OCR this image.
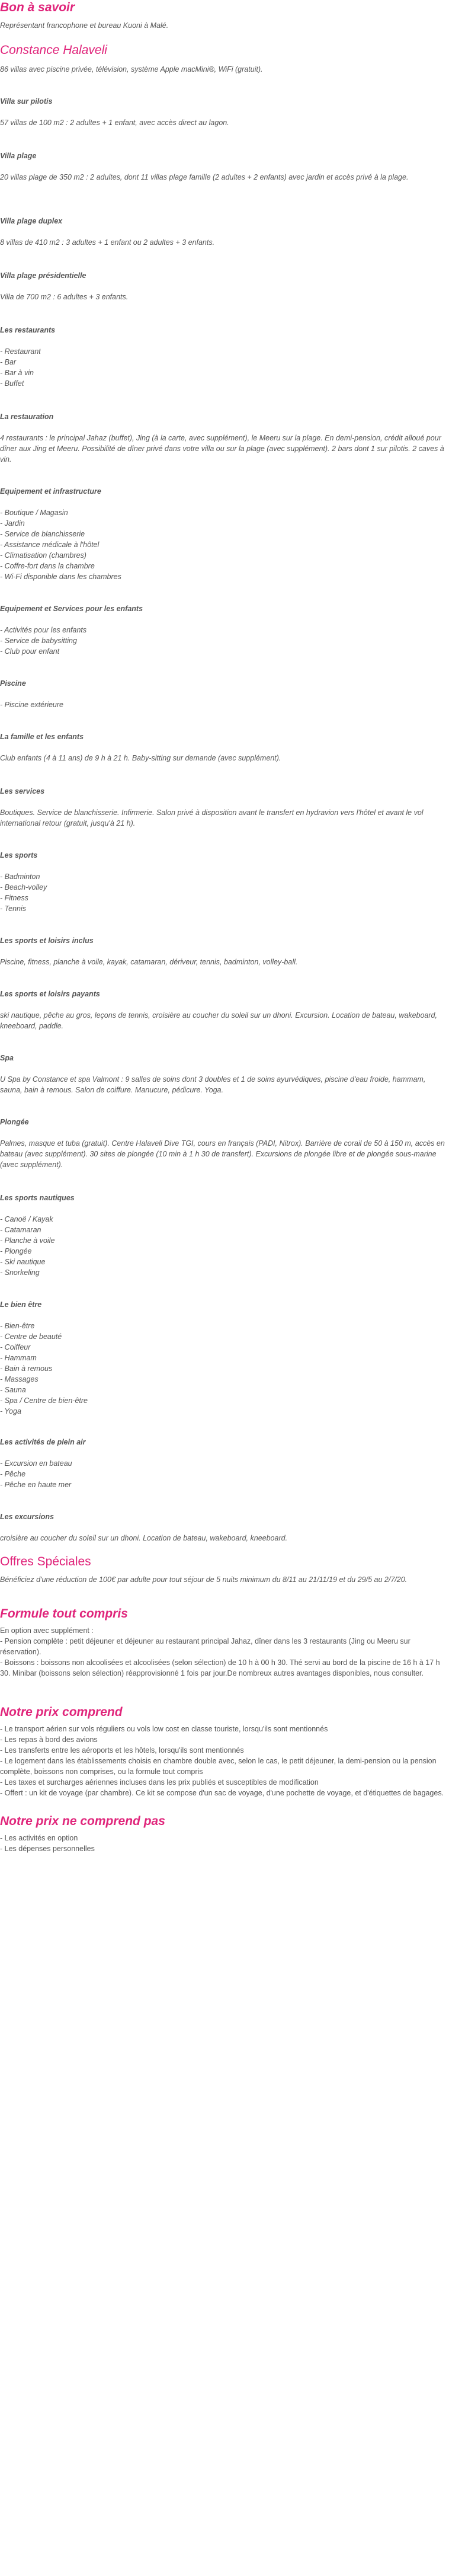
Bon à savoir

Représentant francophone et bureau Kuoni à Malé.

Constance Halaveli

86 villas avec piscine privée, télévision, système Apple macMini®, WiFi (gratuit).

Villa sur pilotis

57 villas de 100 m2 : 2 adultes + 1 enfant, avec accès direct au lagon.

Villa plage

20 villas plage de 350 m2 : 2 adultes, dont 11 villas plage famille (2 adultes + 2 enfants) avec jardin et accès privé à la plage.

Villa plage duplex

8 villas de 410 m2 : 3 adultes + 1 enfant ou 2 adultes + 3 enfants.

Villa plage présidentielle

Villa de 700 m2 : 6 adultes + 3 enfants.

Les restaurants
- Restaurant
- Bar
- Bar à vin
- Buffet
La restauration

4 restaurants : le principal Jahaz (buffet), Jing (à la carte, avec supplément), le Meeru sur la plage. En demi-pension, crédit alloué pour dîner aux Jing et Meeru. Possibilité de dîner privé dans votre villa ou sur la plage (avec supplément). 2 bars dont 1 sur pilotis. 2 caves à vin.

Equipement et infrastructure
- Boutique / Magasin
- Jardin
- Service de blanchisserie
- Assistance médicale à l'hôtel
- Climatisation (chambres)
- Coffre-fort dans la chambre
- Wi-Fi disponible dans les chambres
Equipement et Services pour les enfants
- Activités pour les enfants
- Service de babysitting
- Club pour enfant
Piscine
- Piscine extérieure
La famille et les enfants

Club enfants (4 à 11 ans) de 9 h à 21 h. Baby-sitting sur demande (avec supplément).

Les services

Boutiques. Service de blanchisserie. Infirmerie. Salon privé à disposition avant le transfert en hydravion vers l'hôtel et avant le vol international retour (gratuit, jusqu'à 21 h).

Les sports
- Badminton
- Beach-volley
- Fitness
- Tennis
Les sports et loisirs inclus

Piscine, fitness, planche à voile, kayak, catamaran, dériveur, tennis, badminton, volley-ball.

Les sports et loisirs payants

ski nautique, pêche au gros, leçons de tennis, croisière au coucher du soleil sur un dhoni. Excursion. Location de bateau, wakeboard, kneeboard, paddle.

Spa

U Spa by Constance et spa Valmont : 9 salles de soins dont 3 doubles et 1 de soins ayurvédiques, piscine d'eau froide, hammam, sauna, bain à remous. Salon de coiffure. Manucure, pédicure. Yoga.

Plongée

Palmes, masque et tuba (gratuit). Centre Halaveli Dive TGI, cours en français (PADI, Nitrox). Barrière de corail de 50 à 150 m, accès en bateau (avec supplément). 30 sites de plongée (10 min à 1 h 30 de transfert). Excursions de plongée libre et de plongée sous-marine (avec supplément).

Les sports nautiques
- Canoë / Kayak
- Catamaran
- Planche à voile
- Plongée
- Ski nautique
- Snorkeling
Le bien être
- Bien-être
- Centre de beauté
- Coiffeur
- Hammam
- Bain à remous
- Massages
- Sauna
- Spa / Centre de bien-être
- Yoga
Les activités de plein air
- Excursion en bateau
- Pêche
- Pêche en haute mer
Les excursions

croisière au coucher du soleil sur un dhoni. Location de bateau, wakeboard, kneeboard.

Offres Spéciales

Bénéficiez d'une réduction de 100€ par adulte pour tout séjour de 5 nuits minimum du 8/11 au 21/11/19 et du 29/5 au 2/7/20.

Formule tout compris
En option avec supplément :
- Pension complète : petit déjeuner et déjeuner au restaurant principal Jahaz, dîner dans les 3 restaurants (Jing ou Meeru sur réservation).
- Boissons : boissons non alcoolisées et alcoolisées (selon sélection) de 10 h à 00 h 30. Thé servi au bord de la piscine de 16 h à 17 h 30. Minibar (boissons selon sélection) réapprovisionné 1 fois par jour.De nombreux autres avantages disponibles, nous consulter.
Notre prix comprend
- Le transport aérien sur vols réguliers ou vols low cost en classe touriste, lorsqu'ils sont mentionnés
- Les repas à bord des avions
- Les transferts entre les aéroports et les hôtels, lorsqu'ils sont mentionnés
- Le logement dans les établissements choisis en chambre double avec, selon le cas, le petit déjeuner, la demi-pension ou la pension complète, boissons non comprises, ou la formule tout compris
- Les taxes et surcharges aériennes incluses dans les prix publiés et susceptibles de modification
- Offert : un kit de voyage (par chambre). Ce kit se compose d'un sac de voyage, d'une pochette de voyage, et d'étiquettes de bagages.
Notre prix ne comprend pas
- Les activités en option
- Les dépenses personnelles
